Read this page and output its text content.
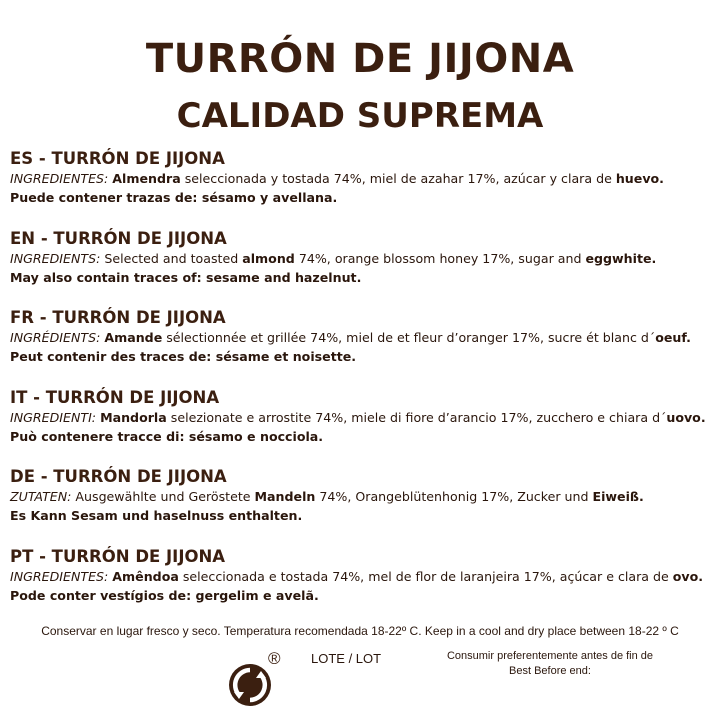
TURRÓN DE JIJONA
CALIDAD SUPREMA
ES - TURRÓN DE JIJONA
INGREDIENTES: Almendra seleccionada y tostada 74%, miel de azahar 17%, azúcar y clara de huevo.
Puede contener trazas de: sésamo y avellana.
EN - TURRÓN DE JIJONA
INGREDIENTS: Selected and toasted almond 74%, orange blossom honey 17%, sugar and eggwhite.
May also contain traces of: sesame and hazelnut.
FR - TURRÓN DE JIJONA
INGRÉDIENTS: Amande sélectionnée et grillée 74%, miel de et fleur d’oranger 17%, sucre ét blanc d´oeuf.
Peut contenir des traces de: sésame et noisette.
IT - TURRÓN DE JIJONA
INGREDIENTI: Mandorla selezionate e arrostite 74%, miele di fiore d’arancio 17%, zucchero e chiara d´uovo.
Può contenere tracce di: sésamo e nocciola.
DE - TURRÓN DE JIJONA
ZUTATEN: Ausgewählte und Geröstete Mandeln 74%, Orangeblütenhonig 17%, Zucker und Eiweiß.
Es Kann Sesam und haselnuss enthalten.
PT - TURRÓN DE JIJONA
INGREDIENTES: Amêndoa seleccionada e tostada 74%, mel de flor de laranjeira 17%, açúcar e clara de ovo.
Pode conter vestígios de: gergelim e avelã.
Conservar en lugar fresco y seco. Temperatura recomendada 18-22º C. Keep in a cool and dry place between 18-22 º C
® LOTE / LOT	Consumir preferentemente antes de fin de
Best Before end:
